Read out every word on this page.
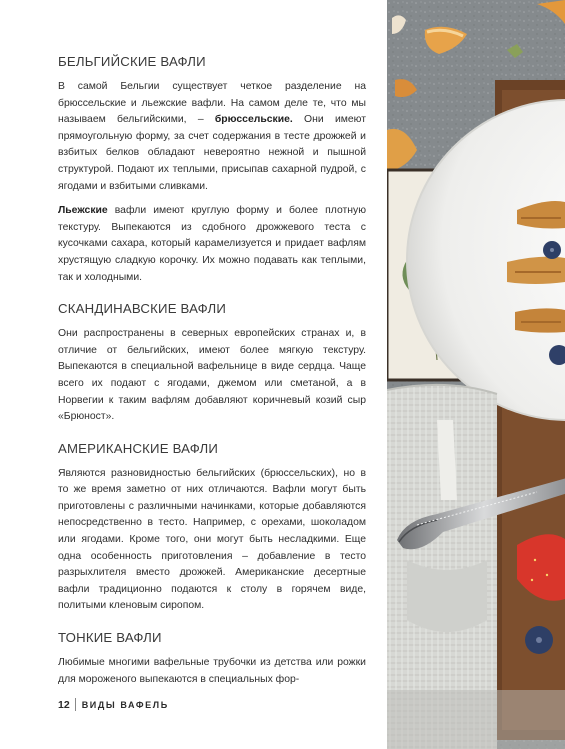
БЕЛЬГИЙСКИЕ ВАФЛИ

В самой Бельгии существует четкое разделение на брюссельские и льежские вафли. На самом деле те, что мы называем бельгийскими, – брюссельские. Они имеют прямоугольную форму, за счет содержания в тесте дрожжей и взбитых белков обладают невероятно нежной и пышной структурой. Подают их теплыми, присыпав сахарной пудрой, с ягодами и взбитыми сливками.

Льежские вафли имеют круглую форму и более плотную текстуру. Выпекаются из сдобного дрожжевого теста с кусочками сахара, который карамелизуется и придает вафлям хрустящую сладкую корочку. Их можно подавать как теплыми, так и холодными.

СКАНДИНАВСКИЕ ВАФЛИ

Они распространены в северных европейских странах и, в отличие от бельгийских, имеют более мягкую текстуру. Выпекаются в специальной вафельнице в виде сердца. Чаще всего их подают с ягодами, джемом или сметаной, а в Норвегии к таким вафлям добавляют коричневый козий сыр «Брюност».

АМЕРИКАНСКИЕ ВАФЛИ

Являются разновидностью бельгийских (брюссельских), но в то же время заметно от них отличаются. Вафли могут быть приготовлены с различными начинками, которые добавляются непосредственно в тесто. Например, с орехами, шоколадом или ягодами. Кроме того, они могут быть несладкими. Еще одна особенность приготовления – добавление в тесто разрыхлителя вместо дрожжей. Американские десертные вафли традиционно подаются к столу в горячем виде, политыми кленовым сиропом.

ТОНКИЕ ВАФЛИ

Любимые многими вафельные трубочки из детства или рожки для мороженого выпекаются в специальных фор-

12 ВИДЫ ВАФЕЛЬ
